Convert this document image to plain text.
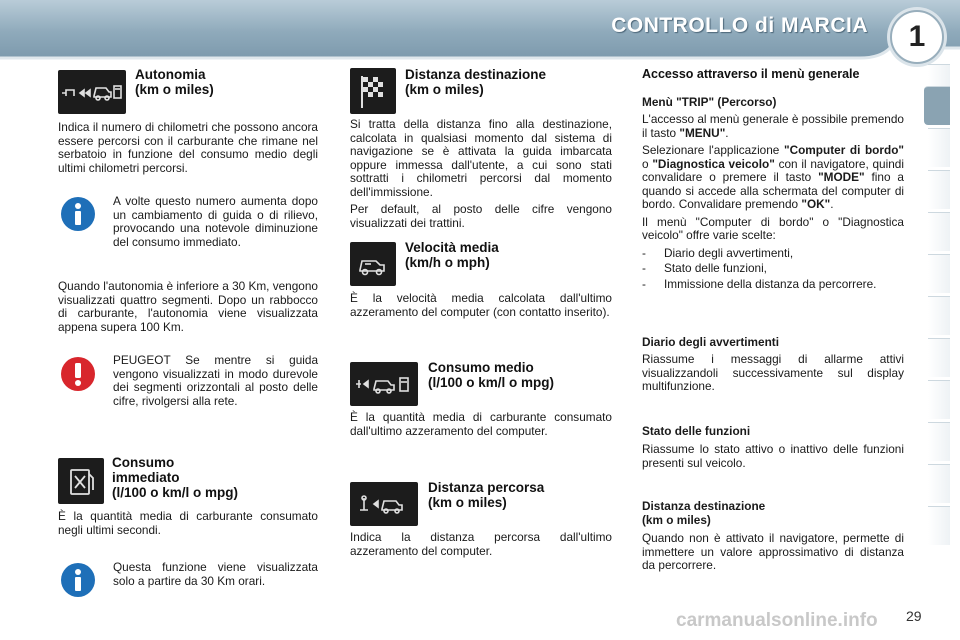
CONTROLLO di MARCIA	1
Autonomia
(km o miles)
Indica il numero di chilometri che possono ancora essere percorsi con il carburante che rimane nel serbatoio in funzione del consumo medio degli ultimi chilometri percorsi.
A volte questo numero aumenta dopo un cambiamento di guida o di rilievo, provocando una notevole diminuzione del consumo immediato.
Quando l'autonomia è inferiore a 30 Km, vengono visualizzati quattro segmenti. Dopo un rabbocco di carburante, l'autonomia viene visualizzata appena supera 100 Km.
PEUGEOT Se mentre si guida vengono visualizzati in modo durevole dei segmenti orizzontali al posto delle cifre, rivolgersi alla rete.
Consumo
immediato
(l/100 o km/l o mpg)
È la quantità media di carburante consumato negli ultimi secondi.
Questa funzione viene visualizzata solo a partire da 30 Km orari.
Distanza destinazione
(km o miles)

Si tratta della distanza fino alla destinazione, calcolata in qualsiasi momento dal sistema di navigazione se è attivata la guida imbarcata oppure immessa dall'utente, a cui sono stati sottratti i chilometri percorsi dal momento dell'immissione.

Per default, al posto delle cifre vengono visualizzati dei trattini.

Velocità media
(km/h o mph)
È la velocità media calcolata dall'ultimo azzeramento del computer (con contatto inserito).
Consumo medio
(l/100 o km/l o mpg)
È la quantità media di carburante consumato dall'ultimo azzeramento del computer.
Distanza percorsa
(km o miles)
Indica la distanza percorsa dall'ultimo azzeramento del computer.
Accesso attraverso il menù generale
Menù "TRIP" (Percorso)

L'accesso al menù generale è possibile premendo il tasto "MENU".

Selezionare l'applicazione "Computer di bordo" o "Diagnostica veicolo" con il navigatore, quindi convalidare o premere il tasto "MODE" fino a quando si accede alla schermata del computer di bordo. Convalidare premendo "OK".

Il menù "Computer di bordo" o "Diagnostica veicolo" offre varie scelte:

- Diario degli avvertimenti,
- Stato delle funzioni,
- Immissione della distanza da percorrere.
Diario degli avvertimenti
Riassume i messaggi di allarme attivi visualizzandoli successivamente sul display multifunzione.
Stato delle funzioni
Riassume lo stato attivo o inattivo delle funzioni presenti sul veicolo.
Distanza destinazione
(km o miles)
Quando non è attivato il navigatore, permette di immettere un valore approssimativo di distanza da percorrere.
carmanualsonline.info 29
